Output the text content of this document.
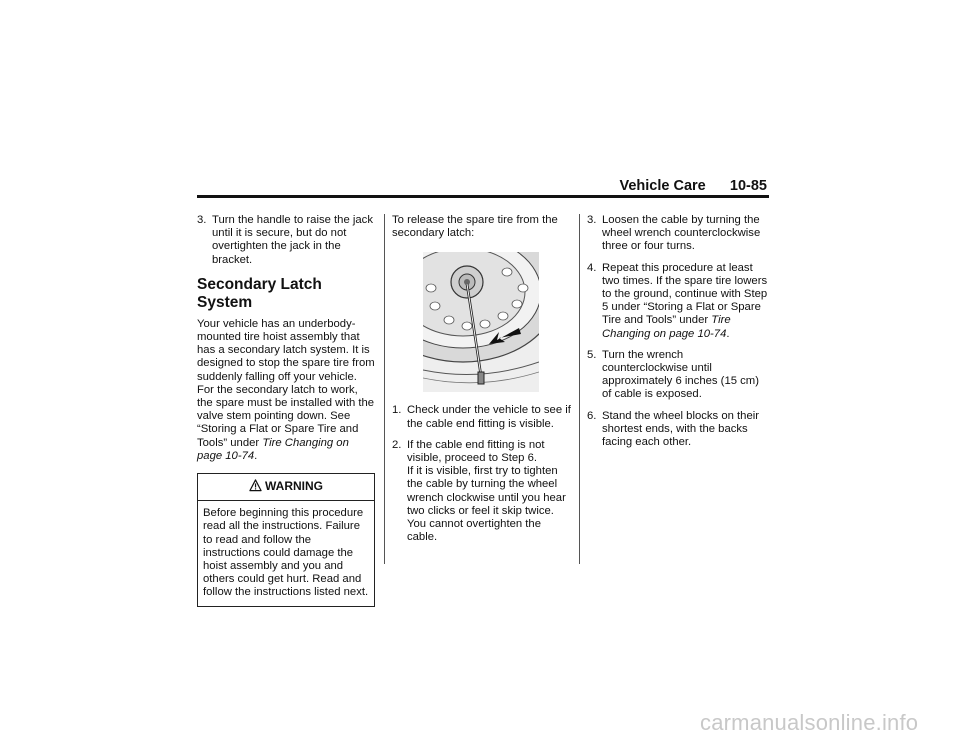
Vehicle Care 10-85
3. Turn the handle to raise the jack until it is secure, but do not overtighten the jack in the bracket.

Secondary Latch System

Your vehicle has an underbody-mounted tire hoist assembly that has a secondary latch system. It is designed to stop the spare tire from suddenly falling off your vehicle. For the secondary latch to work, the spare must be installed with the valve stem pointing down. See “Storing a Flat or Spare Tire and Tools” under Tire Changing on page 10-74.

WARNING
Before beginning this procedure read all the instructions. Failure to read and follow the instructions could damage the hoist assembly and you and others could get hurt. Read and follow the instructions listed next.

To release the spare tire from the secondary latch:

1. Check under the vehicle to see if the cable end fitting is visible.

2. If the cable end fitting is not visible, proceed to Step 6.

If it is visible, first try to tighten the cable by turning the wheel wrench clockwise until you hear two clicks or feel it skip twice. You cannot overtighten the cable.

3. Loosen the cable by turning the wheel wrench counterclockwise three or four turns.

4. Repeat this procedure at least two times. If the spare tire lowers to the ground, continue with Step 5 under “Storing a Flat or Spare Tire and Tools” under Tire Changing on page 10-74.

5. Turn the wrench counterclockwise until approximately 6 inches (15 cm) of cable is exposed.

6. Stand the wheel blocks on their shortest ends, with the backs facing each other.

carmanualsonline.info
